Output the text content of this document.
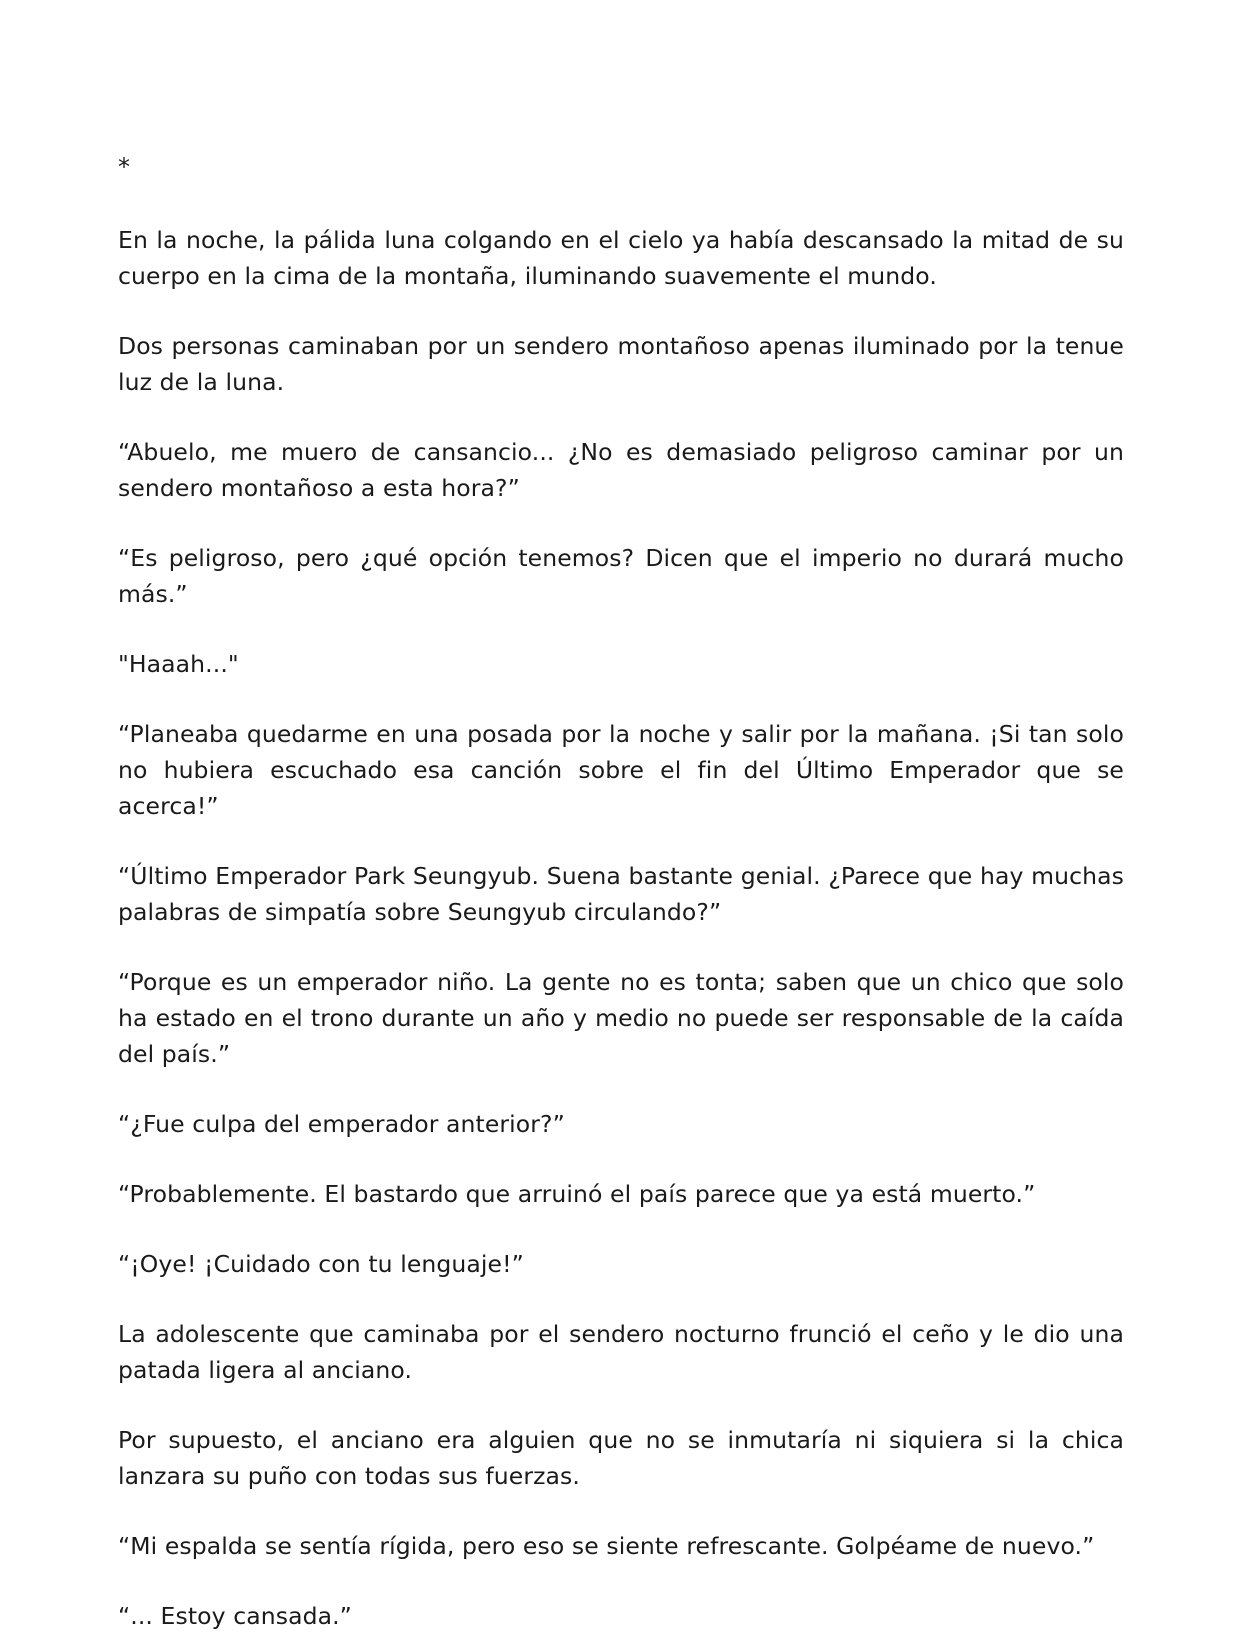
*

En la noche, la pálida luna colgando en el cielo ya había descansado la mitad de su cuerpo en la cima de la montaña, iluminando suavemente el mundo.

Dos personas caminaban por un sendero montañoso apenas iluminado por la tenue luz de la luna.

“Abuelo, me muero de cansancio... ¿No es demasiado peligroso caminar por un sendero montañoso a esta hora?”

“Es peligroso, pero ¿qué opción tenemos? Dicen que el imperio no durará mucho más.”

"Haaah..."

“Planeaba quedarme en una posada por la noche y salir por la mañana. ¡Si tan solo no hubiera escuchado esa canción sobre el fin del Último Emperador que se acerca!”

“Último Emperador Park Seungyub. Suena bastante genial. ¿Parece que hay muchas palabras de simpatía sobre Seungyub circulando?”

“Porque es un emperador niño. La gente no es tonta; saben que un chico que solo ha estado en el trono durante un año y medio no puede ser responsable de la caída del país.”

“¿Fue culpa del emperador anterior?”

“Probablemente. El bastardo que arruinó el país parece que ya está muerto.”

“¡Oye! ¡Cuidado con tu lenguaje!”

La adolescente que caminaba por el sendero nocturno frunció el ceño y le dio una patada ligera al anciano.

Por supuesto, el anciano era alguien que no se inmutaría ni siquiera si la chica lanzara su puño con todas sus fuerzas.

“Mi espalda se sentía rígida, pero eso se siente refrescante. Golpéame de nuevo.”

“... Estoy cansada.”
